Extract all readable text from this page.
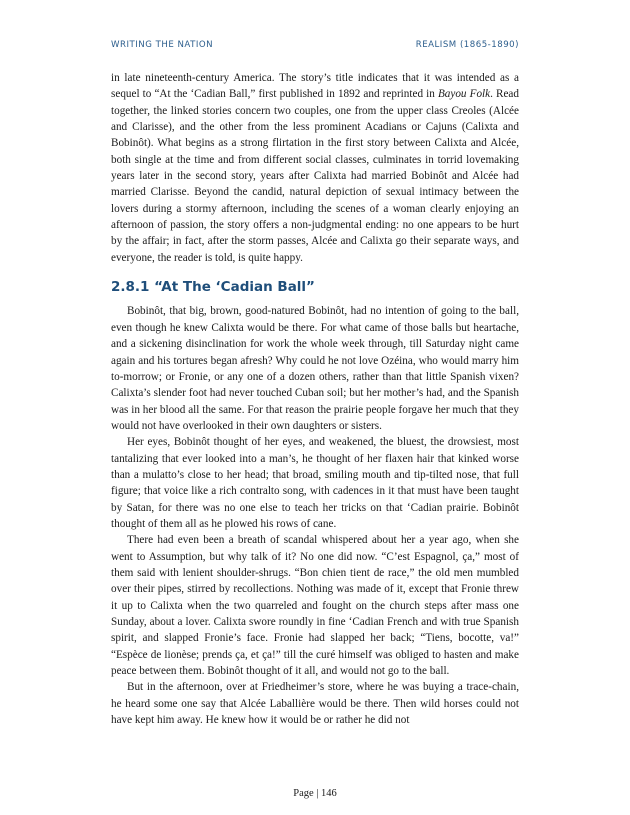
WRITING THE NATION	REALISM (1865-1890)

in late nineteenth-century America. The story’s title indicates that it was intended as a sequel to “At the ‘Cadian Ball,” first published in 1892 and reprinted in Bayou Folk. Read together, the linked stories concern two couples, one from the upper class Creoles (Alcée and Clarisse), and the other from the less prominent Acadians or Cajuns (Calixta and Bobinôt). What begins as a strong flirtation in the first story between Calixta and Alcée, both single at the time and from different social classes, culminates in torrid lovemaking years later in the second story, years after Calixta had married Bobinôt and Alcée had married Clarisse. Beyond the candid, natural depiction of sexual intimacy between the lovers during a stormy afternoon, including the scenes of a woman clearly enjoying an afternoon of passion, the story offers a non-judgmental ending: no one appears to be hurt by the affair; in fact, after the storm passes, Alcée and Calixta go their separate ways, and everyone, the reader is told, is quite happy.

2.8.1 “At The ‘Cadian Ball”

Bobinôt, that big, brown, good-natured Bobinôt, had no intention of going to the ball, even though he knew Calixta would be there. For what came of those balls but heartache, and a sickening disinclination for work the whole week through, till Saturday night came again and his tortures began afresh? Why could he not love Ozéina, who would marry him to-morrow; or Fronie, or any one of a dozen others, rather than that little Spanish vixen? Calixta’s slender foot had never touched Cuban soil; but her mother’s had, and the Spanish was in her blood all the same. For that reason the prairie people forgave her much that they would not have overlooked in their own daughters or sisters.

Her eyes, Bobinôt thought of her eyes, and weakened, the bluest, the drowsiest, most tantalizing that ever looked into a man’s, he thought of her flaxen hair that kinked worse than a mulatto’s close to her head; that broad, smiling mouth and tip-tilted nose, that full figure; that voice like a rich contralto song, with cadences in it that must have been taught by Satan, for there was no one else to teach her tricks on that ‘Cadian prairie. Bobinôt thought of them all as he plowed his rows of cane.

There had even been a breath of scandal whispered about her a year ago, when she went to Assumption, but why talk of it? No one did now. “C’est Espagnol, ça,” most of them said with lenient shoulder-shrugs. “Bon chien tient de race,” the old men mumbled over their pipes, stirred by recollections. Nothing was made of it, except that Fronie threw it up to Calixta when the two quarreled and fought on the church steps after mass one Sunday, about a lover. Calixta swore roundly in fine ‘Cadian French and with true Spanish spirit, and slapped Fronie’s face. Fronie had slapped her back; “Tiens, bocotte, va!” “Espèce de lionèse; prends ça, et ça!” till the curé himself was obliged to hasten and make peace between them. Bobinôt thought of it all, and would not go to the ball.

But in the afternoon, over at Friedheimer’s store, where he was buying a trace-chain, he heard some one say that Alcée Laballière would be there. Then wild horses could not have kept him away. He knew how it would be or rather he did not

Page | 146
